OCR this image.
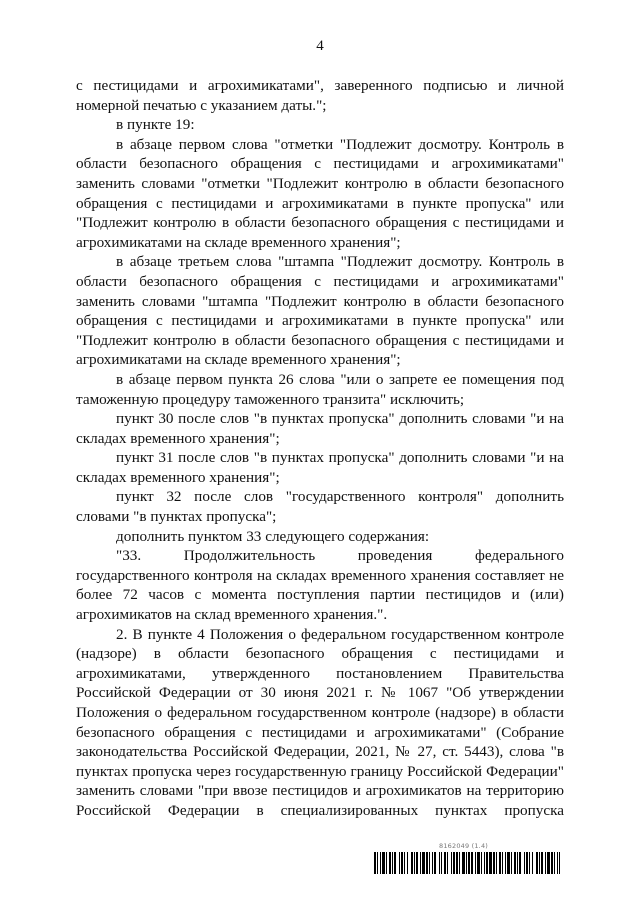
4

с пестицидами и агрохимикатами", заверенного подписью и личной номерной печатью с указанием даты.";

в пункте 19:

в абзаце первом слова "отметки "Подлежит досмотру. Контроль в области безопасного обращения с пестицидами и агрохимикатами" заменить словами "отметки "Подлежит контролю в области безопасного обращения с пестицидами и агрохимикатами в пункте пропуска" или "Подлежит контролю в области безопасного обращения с пестицидами и агрохимикатами на складе временного хранения";

в абзаце третьем слова "штампа "Подлежит досмотру. Контроль в области безопасного обращения с пестицидами и агрохимикатами" заменить словами "штампа "Подлежит контролю в области безопасного обращения с пестицидами и агрохимикатами в пункте пропуска" или "Подлежит контролю в области безопасного обращения с пестицидами и агрохимикатами на складе временного хранения";

в абзаце первом пункта 26 слова "или о запрете ее помещения под таможенную процедуру таможенного транзита" исключить;

пункт 30 после слов "в пунктах пропуска" дополнить словами "и на складах временного хранения";

пункт 31 после слов "в пунктах пропуска" дополнить словами "и на складах временного хранения";

пункт 32 после слов "государственного контроля" дополнить словами "в пунктах пропуска";

дополнить пунктом 33 следующего содержания:

"33. Продолжительность проведения федерального государственного контроля на складах временного хранения составляет не более 72 часов с момента поступления партии пестицидов и (или) агрохимикатов на склад временного хранения.".

2. В пункте 4 Положения о федеральном государственном контроле (надзоре) в области безопасного обращения с пестицидами и агрохимикатами, утвержденного постановлением Правительства Российской Федерации от 30 июня 2021 г. № 1067 "Об утверждении Положения о федеральном государственном контроле (надзоре) в области безопасного обращения с пестицидами и агрохимикатами" (Собрание законодательства Российской Федерации, 2021, № 27, ст. 5443), слова "в пунктах пропуска через государственную границу Российской Федерации" заменить словами "при ввозе пестицидов и агрохимикатов на территорию Российской Федерации в специализированных пунктах пропуска

8162049 (1.4)
